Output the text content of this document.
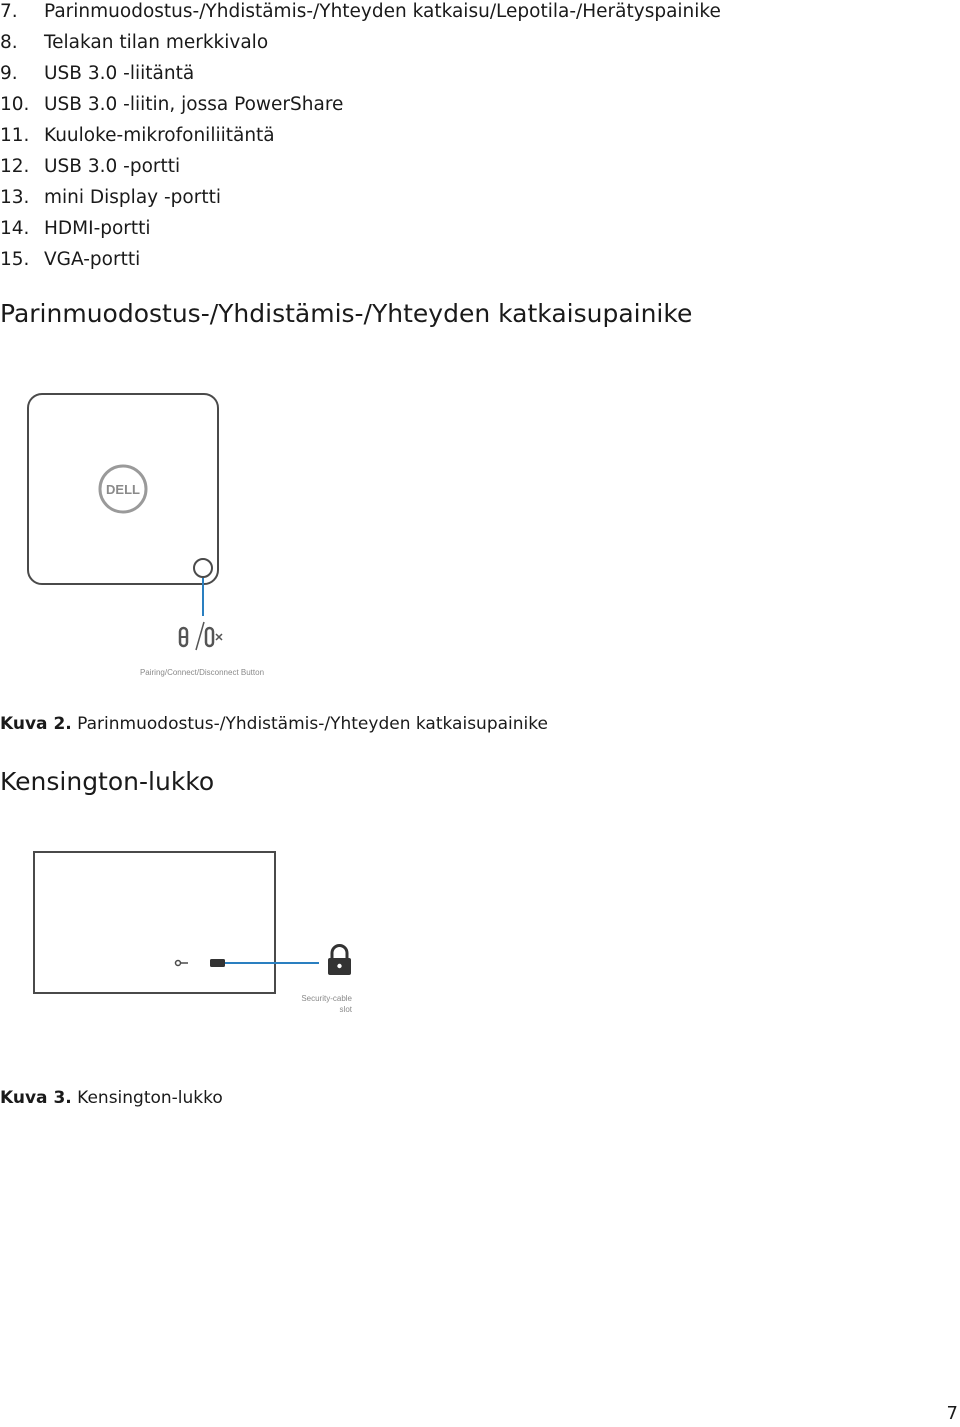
7.	Parinmuodostus-/Yhdistämis-/Yhteyden katkaisu/Lepotila-/Herätyspainike
8.	Telakan tilan merkkivalo
9.	USB 3.0 -liitäntä
10. USB 3.0 -liitin, jossa PowerShare
11. Kuuloke-mikrofoniliitäntä
12. USB 3.0 -portti
13. mini Display -portti
14. HDMI-portti
15. VGA-portti
Parinmuodostus-/Yhdistämis-/Yhteyden katkaisupainike
DELL
Pairing/Connect/Disconnect Button

Kuva 2. Parinmuodostus-/Yhdistämis-/Yhteyden katkaisupainike

Kensington-lukko
Security-cable
slot

Kuva 3. Kensington-lukko

7
